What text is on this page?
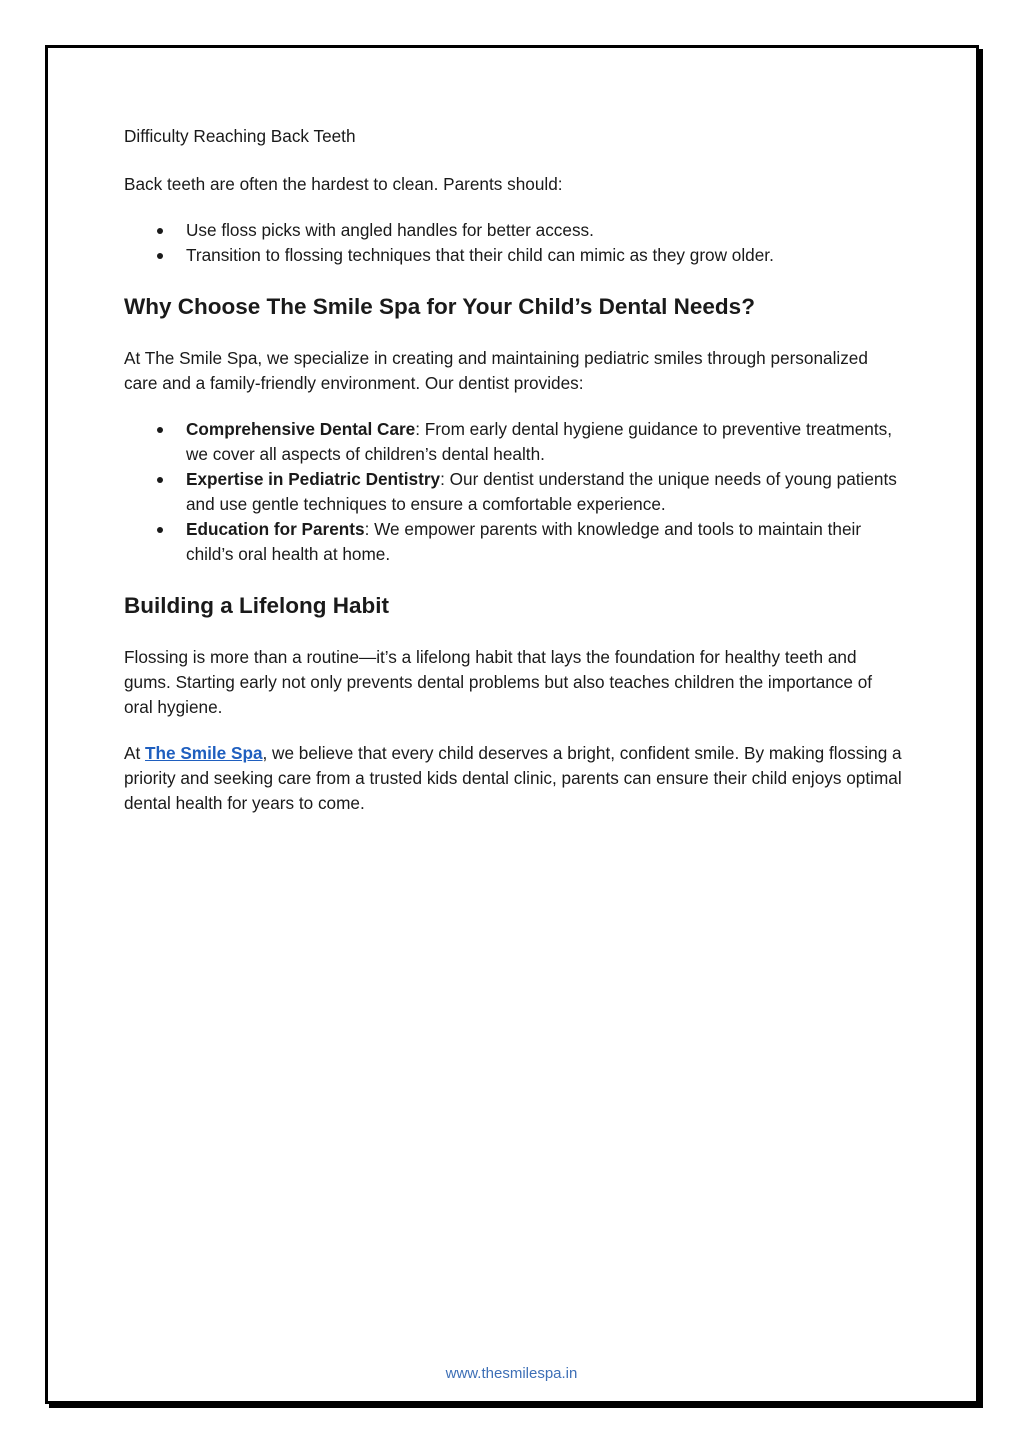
Difficulty Reaching Back Teeth

Back teeth are often the hardest to clean. Parents should:

Use floss picks with angled handles for better access.
Transition to flossing techniques that their child can mimic as they grow older.
Why Choose The Smile Spa for Your Child’s Dental Needs?

At The Smile Spa, we specialize in creating and maintaining pediatric smiles through personalized care and a family-friendly environment. Our dentist provides:

Comprehensive Dental Care: From early dental hygiene guidance to preventive treatments, we cover all aspects of children’s dental health.
Expertise in Pediatric Dentistry: Our dentist understand the unique needs of young patients and use gentle techniques to ensure a comfortable experience.
Education for Parents: We empower parents with knowledge and tools to maintain their child’s oral health at home.
Building a Lifelong Habit

Flossing is more than a routine—it’s a lifelong habit that lays the foundation for healthy teeth and gums. Starting early not only prevents dental problems but also teaches children the importance of oral hygiene.

At The Smile Spa, we believe that every child deserves a bright, confident smile. By making flossing a priority and seeking care from a trusted kids dental clinic, parents can ensure their child enjoys optimal dental health for years to come.

www.thesmilespa.in
